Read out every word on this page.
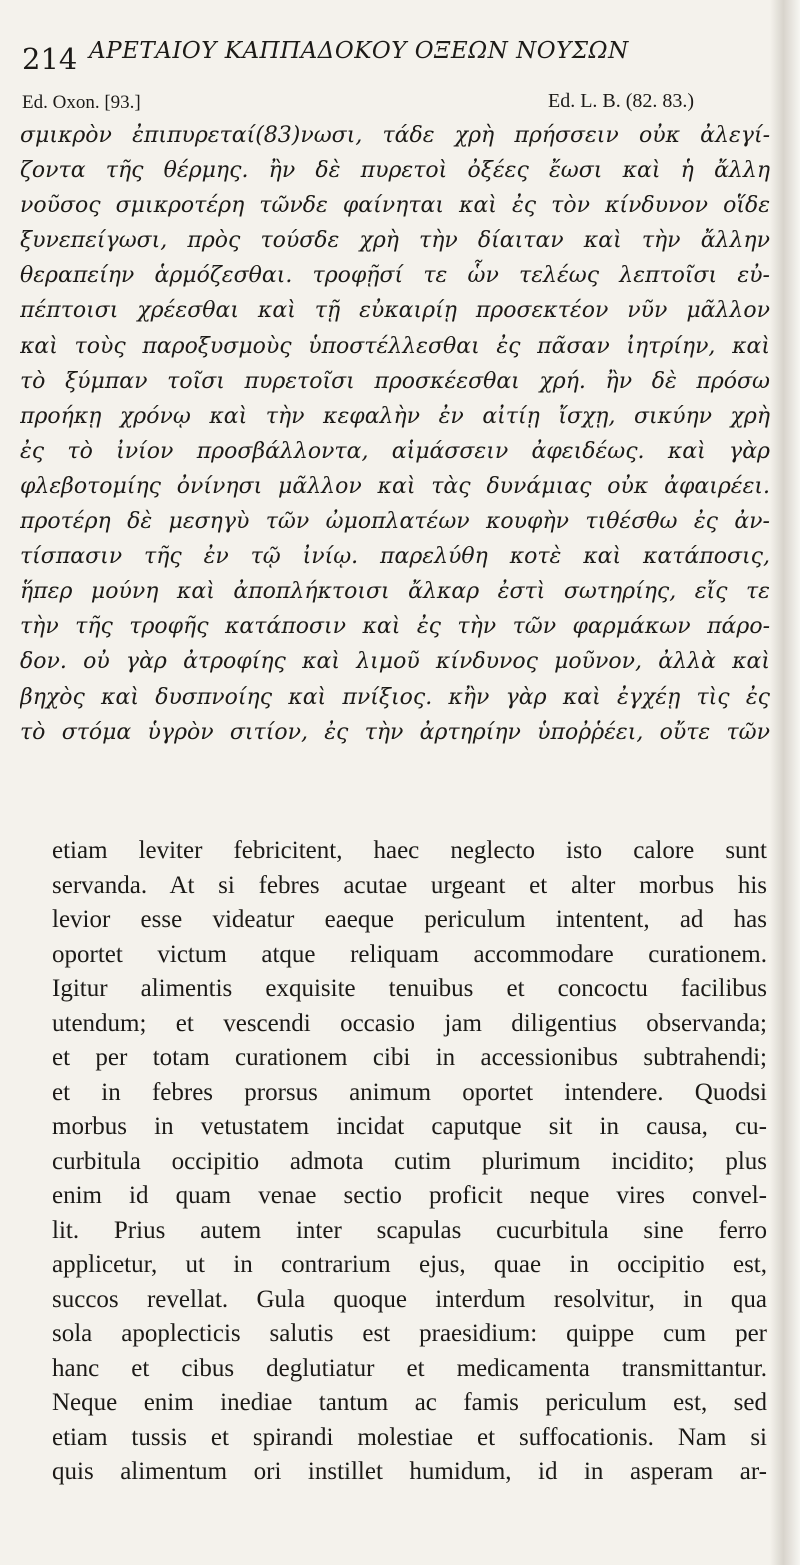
214 ΑΡΕΤΑΙΟΥ ΚΑΠΠΑΔΟΚΟΥ ΟΞΕΩΝ ΝΟΥΣΩΝ
Ed. Oxon. [93.]	Ed. L. B. (82. 83.)
σμικρὸν ἐπιπυρεταί(83)νωσι, τάδε χρὴ πρήσσειν οὐκ ἀλεγί-
ζοντα τῆς θέρμης. ἢν δὲ πυρετοὶ ὀξέες ἔωσι καὶ ἡ ἄλλη
νοῦσος σμικροτέρη τῶνδε φαίνηται καὶ ἐς τὸν κίνδυνον οἵδε
ξυνεπείγωσι, πρὸς τούσδε χρὴ τὴν δίαιταν καὶ τὴν ἄλλην
θεραπείην ἁρμόζεσθαι. τροφῇσί τε ὧν τελέως λεπτοῖσι εὐ-
πέπτοισι χρέεσθαι καὶ τῇ εὐκαιρίῃ προσεκτέον νῦν μᾶλλον
καὶ τοὺς παροξυσμοὺς ὑποστέλλεσθαι ἐς πᾶσαν ἰητρίην, καὶ
τὸ ξύμπαν τοῖσι πυρετοῖσι προσκέεσθαι χρή. ἢν δὲ πρόσω
προήκῃ χρόνῳ καὶ τὴν κεφαλὴν ἐν αἰτίῃ ἴσχῃ, σικύην χρὴ
ἐς τὸ ἰνίον προσβάλλοντα, αἱμάσσειν ἀφειδέως. καὶ γὰρ
φλεβοτομίης ὀνίνησι μᾶλλον καὶ τὰς δυνάμιας οὐκ ἀφαιρέει.
προτέρη δὲ μεσηγὺ τῶν ὠμοπλατέων κουφὴν τιθέσθω ἐς ἀν-
τίσπασιν τῆς ἐν τῷ ἰνίῳ. παρελύθη κοτὲ καὶ κατάποσις,
ἥπερ μούνη καὶ ἀποπλήκτοισι ἄλκαρ ἐστὶ σωτηρίης, εἴς τε
τὴν τῆς τροφῆς κατάποσιν καὶ ἐς τὴν τῶν φαρμάκων πάρο-
δον. οὐ γὰρ ἀτροφίης καὶ λιμοῦ κίνδυνος μοῦνον, ἀλλὰ καὶ
βηχὸς καὶ δυσπνοίης καὶ πνίξιος. κἢν γὰρ καὶ ἐγχέῃ τὶς ἐς
τὸ στόμα ὑγρὸν σιτίον, ἐς τὴν ἀρτηρίην ὑποῤῥέει, οὔτε τῶν
etiam leviter febricitent, haec neglecto isto calore sunt
servanda. At si febres acutae urgeant et alter morbus his
levior esse videatur eaeque periculum intentent, ad has
oportet victum atque reliquam accommodare curationem.
Igitur alimentis exquisite tenuibus et concoctu facilibus
utendum; et vescendi occasio jam diligentius observanda;
et per totam curationem cibi in accessionibus subtrahendi;
et in febres prorsus animum oportet intendere. Quodsi
morbus in vetustatem incidat caputque sit in causa, cu-
curbitula occipitio admota cutim plurimum incidito; plus
enim id quam venae sectio proficit neque vires convel-
lit. Prius autem inter scapulas cucurbitula sine ferro
applicetur, ut in contrarium ejus, quae in occipitio est,
succos revellat. Gula quoque interdum resolvitur, in qua
sola apoplecticis salutis est praesidium: quippe cum per
hanc et cibus deglutiatur et medicamenta transmittantur.
Neque enim inediae tantum ac famis periculum est, sed
etiam tussis et spirandi molestiae et suffocationis. Nam si
quis alimentum ori instillet humidum, id in asperam ar-
